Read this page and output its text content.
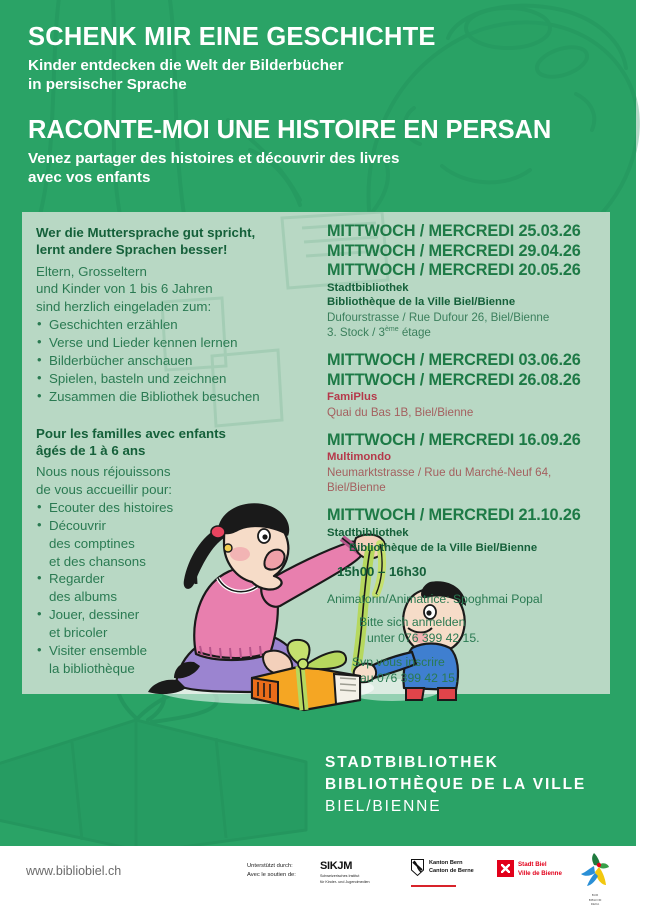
SCHENK MIR EINE GESCHICHTE
Kinder entdecken die Welt der Bilderbücher
in persischer Sprache
RACONTE-MOI UNE HISTOIRE EN PERSAN
Venez partager des histoires et découvrir des livres
avec vos enfants
Wer die Muttersprache gut spricht,
lernt andere Sprachen besser!
Eltern, Grosseltern
und Kinder von 1 bis 6 Jahren
sind herzlich eingeladen zum:
• Geschichten erzählen
• Verse und Lieder kennen lernen
• Bilderbücher anschauen
• Spielen, basteln und zeichnen
• Zusammen die Bibliothek besuchen
Pour les familles avec enfants
âgés de 1 à 6 ans
Nous nous réjouissons
de vous accueillir pour:
• Ecouter des histoires
• Découvrir
des comptines
et des chansons
• Regarder
des albums
• Jouer, dessiner
et bricoler
• Visiter ensemble
la bibliothèque
MITTWOCH / MERCREDI 25.03.26
MITTWOCH / MERCREDI 29.04.26
MITTWOCH / MERCREDI 20.05.26
Stadtbibliothek
Bibliothèque de la Ville Biel/Bienne
Dufourstrasse / Rue Dufour 26, Biel/Bienne
3. Stock / 3ème étage
MITTWOCH / MERCREDI 03.06.26
MITTWOCH / MERCREDI 26.08.26
FamiPlus
Quai du Bas 1B, Biel/Bienne
MITTWOCH / MERCREDI 16.09.26
Multimondo
Neumarktstrasse / Rue du Marché-Neuf 64,
Biel/Bienne
MITTWOCH / MERCREDI 21.10.26
Stadtbibliothek
Bibliothèque de la Ville Biel/Bienne
15h00 – 16h30
Animatorin/Animatrice: Spoghmai Popal
Bitte sich anmelden
unter 076 399 42 15.
Svp vous inscrire
au 076 399 42 15.
STADTBIBLIOTHEK
BIBLIOTHÈQUE DE LA VILLE
BIEL/BIENNE
www.bibliobiel.ch	Unterstützt durch:
Avec le soutien de:
SIKJM
Schweizerisches Institut
für Kinder- und Jugendmedien
Kanton Bern
Canton de Berne
Stadt Biel
Ville de Bienne
BUR
BIBLIOM
DEKA
